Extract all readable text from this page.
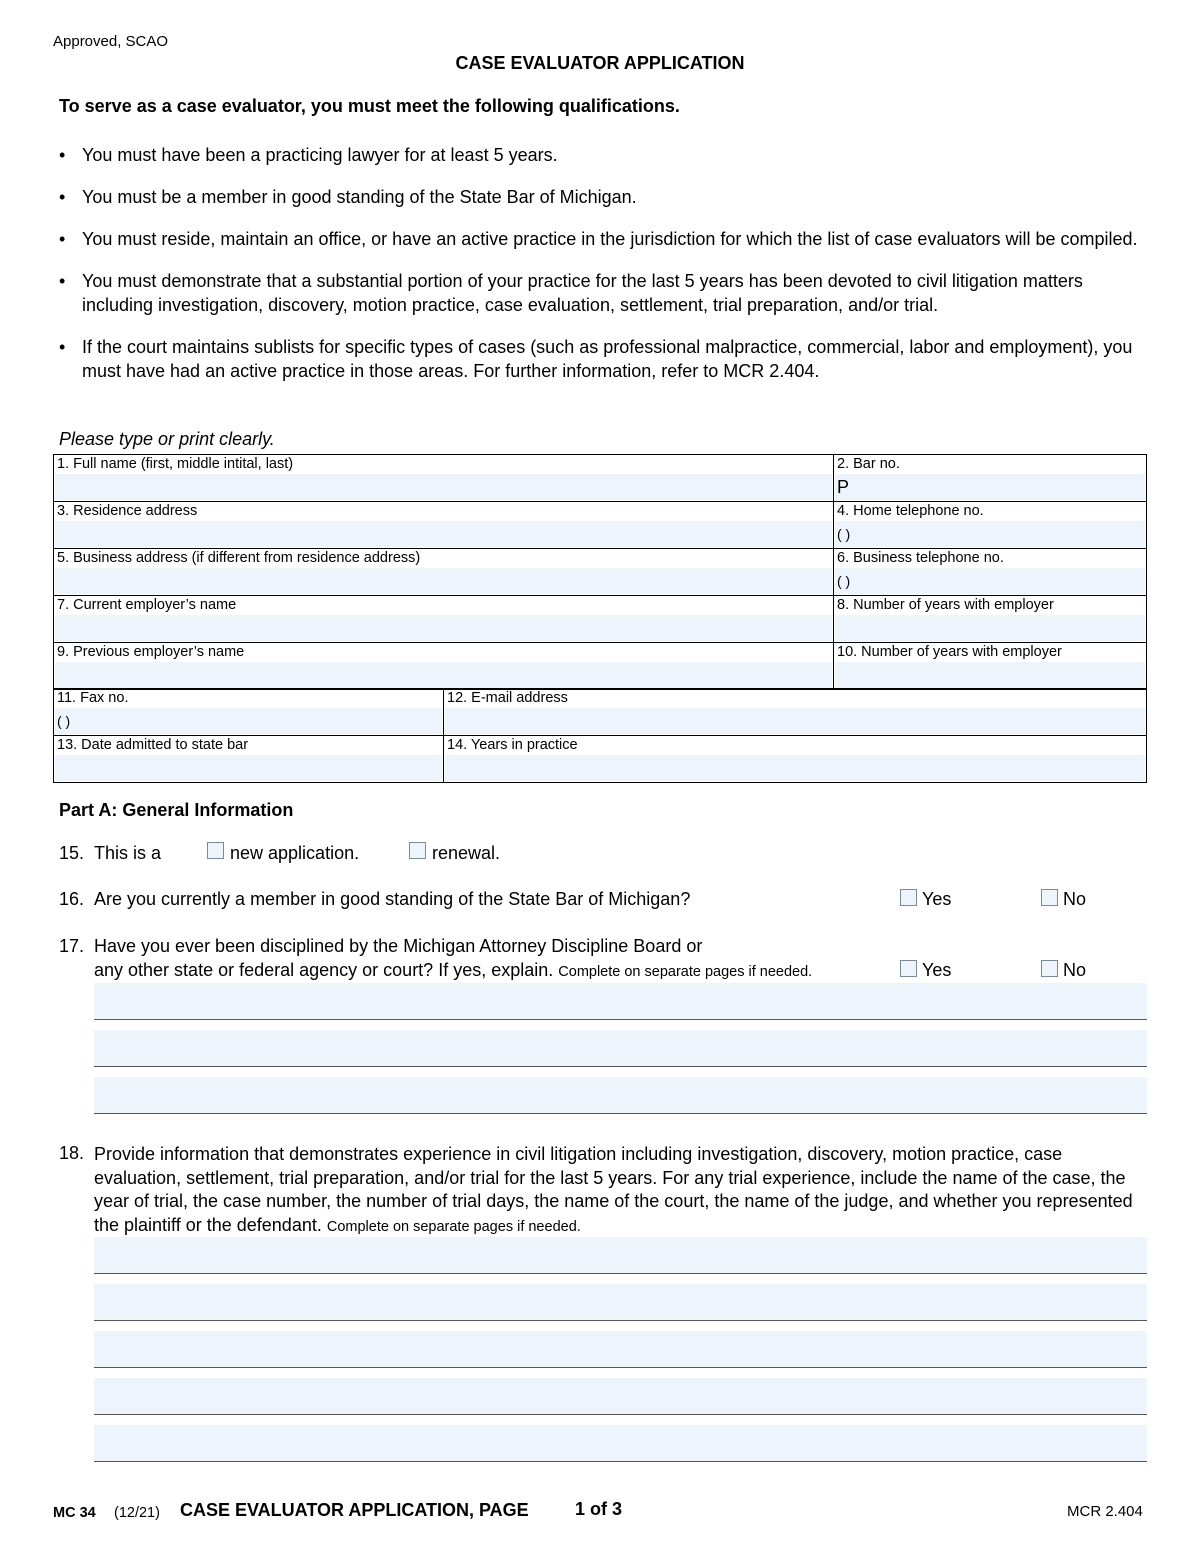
Approved, SCAO
CASE EVALUATOR APPLICATION
To serve as a case evaluator, you must meet the following qualifications.
• You must have been a practicing lawyer for at least 5 years.
• You must be a member in good standing of the State Bar of Michigan.
• You must reside, maintain an office, or have an active practice in the jurisdiction for which the list of case evaluators will be compiled.
• You must demonstrate that a substantial portion of your practice for the last 5 years has been devoted to civil litigation matters including investigation, discovery, motion practice, case evaluation, settlement, trial preparation, and/or trial.
• If the court maintains sublists for specific types of cases (such as professional malpractice, commercial, labor and employment), you must have had an active practice in those areas. For further information, refer to MCR 2.404.
Please type or print clearly.
1. Full name (first, middle intital, last)	2. Bar no.
P
3. Residence address	4. Home telephone no.
( )
5. Business address (if different from residence address)	6. Business telephone no.
( )
7. Current employer’s name	8. Number of years with employer
9. Previous employer’s name	10. Number of years with employer
11. Fax no.
( )
12. E-mail address
13. Date admitted to state bar	14. Years in practice
Part A: General Information
15. This is a	new application.	renewal.
16. Are you currently a member in good standing of the State Bar of Michigan?	Yes	No
17. Have you ever been disciplined by the Michigan Attorney Discipline Board or
any other state or federal agency or court? If yes, explain. Complete on separate pages if needed.	Yes	No
18. Provide information that demonstrates experience in civil litigation including investigation, discovery, motion practice, case evaluation, settlement, trial preparation, and/or trial for the last 5 years. For any trial experience, include the name of the case, the year of trial, the case number, the number of trial days, the name of the court, the name of the judge, and whether you represented the plaintiff or the defendant. Complete on separate pages if needed.
MC 34 (12/21) CASE EVALUATOR APPLICATION, PAGE	1 of 3	MCR 2.404
